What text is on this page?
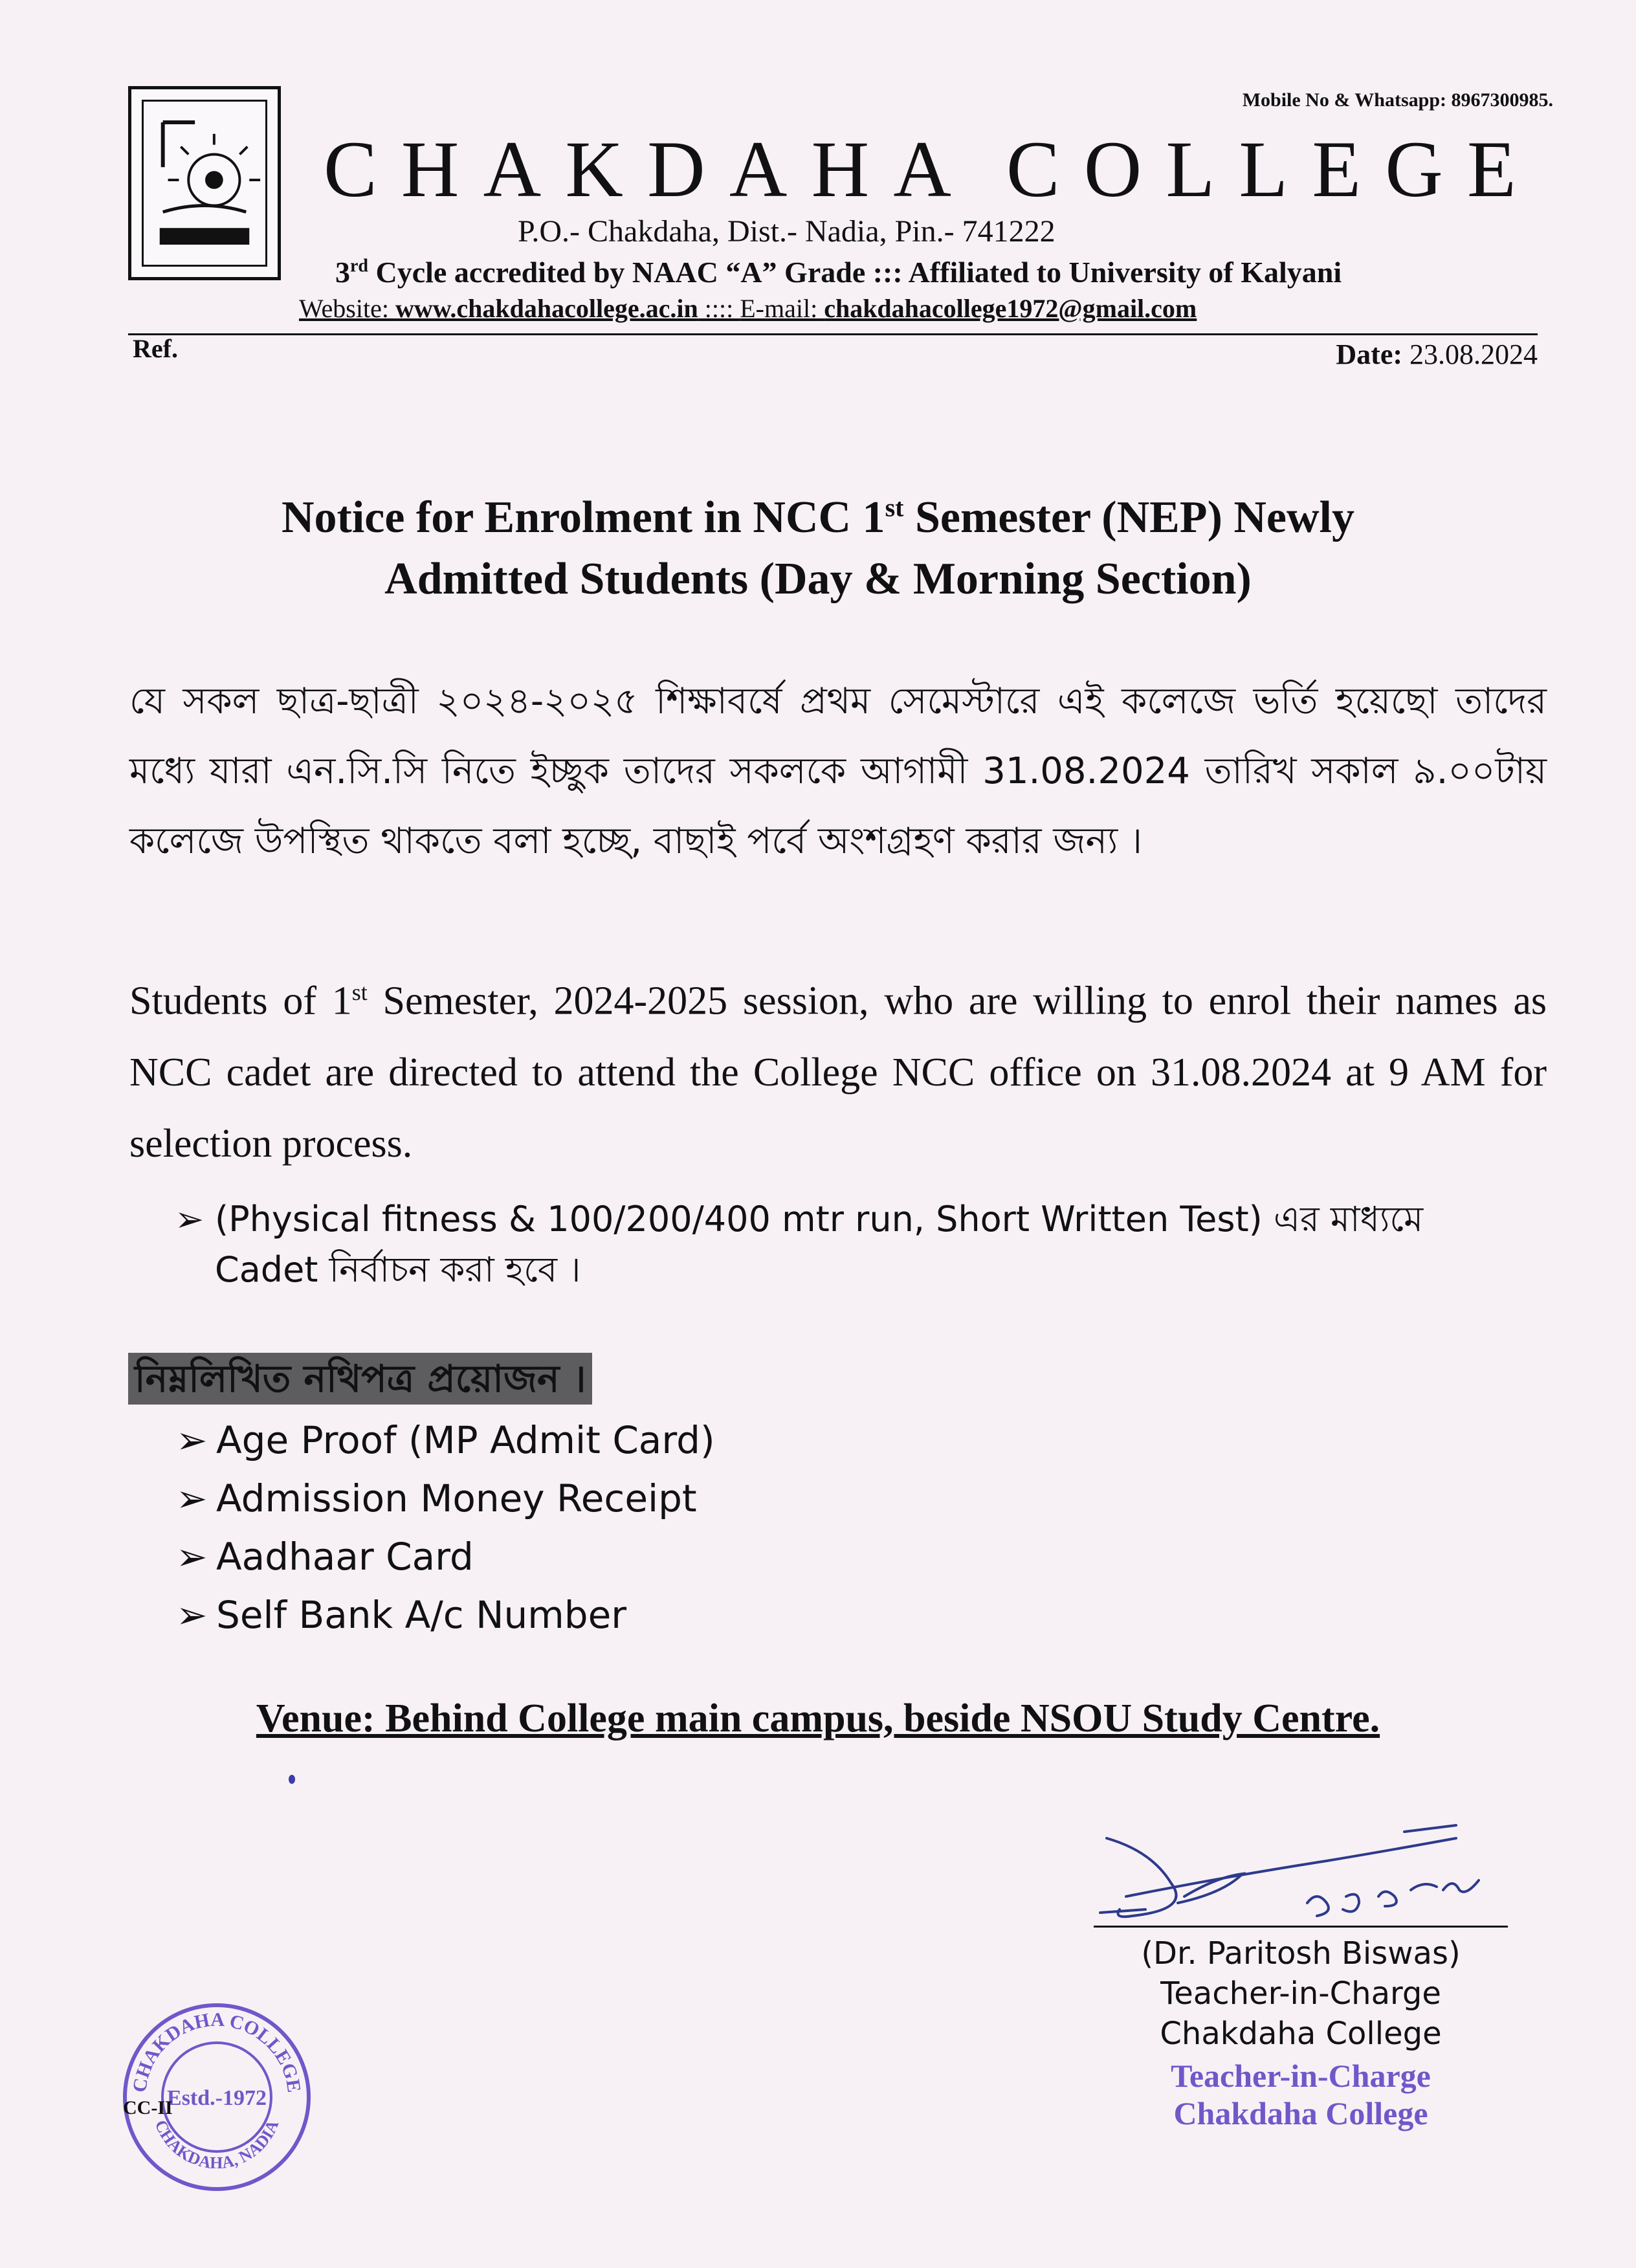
Mobile No & Whatsapp: 8967300985.
CHAKDAHA COLLEGE
P.O.- Chakdaha, Dist.- Nadia, Pin.- 741222
3rd Cycle accredited by NAAC “A” Grade ::: Affiliated to University of Kalyani
Website: www.chakdahacollege.ac.in :::: E-mail: chakdahacollege1972@gmail.com
Ref.	Date: 23.08.2024
Notice for Enrolment in NCC 1st Semester (NEP) Newly
Admitted Students (Day & Morning Section)
যে সকল ছাত্র-ছাত্রী ২০২৪-২০২৫ শিক্ষাবর্ষে প্রথম সেমেস্টারে এই কলেজে ভর্তি হয়েছো তাদের মধ্যে যারা এন.সি.সি নিতে ইচ্ছুক তাদের সকলকে আগামী 31.08.2024 তারিখ সকাল ৯.০০টায় কলেজে উপস্থিত থাকতে বলা হচ্ছে, বাছাই পর্বে অংশগ্রহণ করার জন্য ।
Students of 1st Semester, 2024-2025 session, who are willing to enrol their names as NCC cadet are directed to attend the College NCC office on 31.08.2024 at 9 AM for selection process.
➢ (Physical fitness & 100/200/400 mtr run, Short Written Test) এর মাধ্যমে Cadet নির্বাচন করা হবে ।
নিম্নলিখিত নথিপত্র প্রয়োজন ।
➢ Age Proof (MP Admit Card)
➢ Admission Money Receipt
➢ Aadhaar Card
➢ Self Bank A/c Number
Venue: Behind College main campus, beside NSOU Study Centre.
(Dr. Paritosh Biswas)
Teacher-in-Charge
Chakdaha College
Teacher-in-Charge
Chakdaha College
CHAKDAHA COLLEGE
CHAKDAHA, NADIA
Estd.-1972
CC-II
